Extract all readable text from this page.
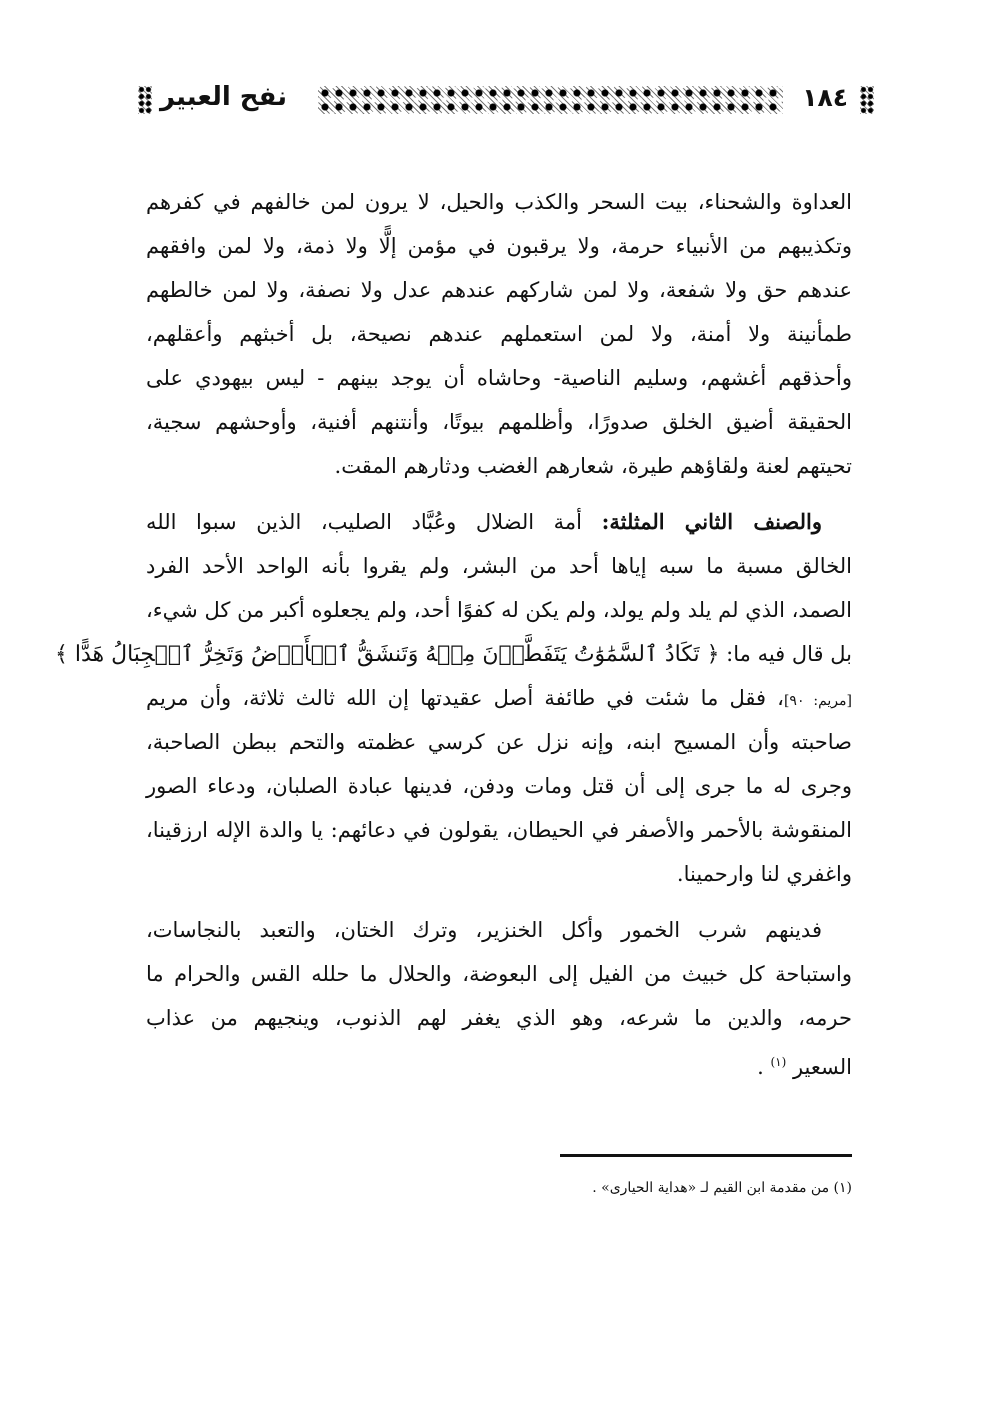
نفح العبير	١٨٤
العداوة والشحناء، بيت السحر والكذب والحيل، لا يرون لمن خالفهم في كفرهم
وتكذيبهم من الأنبياء حرمة، ولا يرقبون في مؤمن إلًّا ولا ذمة، ولا لمن وافقهم
عندهم حق ولا شفعة، ولا لمن شاركهم عندهم عدل ولا نصفة، ولا لمن خالطهم
طمأنينة ولا أمنة، ولا لمن استعملهم عندهم نصيحة، بل أخبثهم وأعقلهم،
وأحذقهم أغشهم، وسليم الناصية- وحاشاه أن يوجد بينهم - ليس بيهودي على
الحقيقة أضيق الخلق صدورًا، وأظلمهم بيوتًا، وأنتنهم أفنية، وأوحشهم سجية،
تحيتهم لعنة ولقاؤهم طيرة، شعارهم الغضب ودثارهم المقت.
والصنف الثاني المثلثة: أمة الضلال وعُبَّاد الصليب، الذين سبوا الله
الخالق مسبة ما سبه إياها أحد من البشر، ولم يقروا بأنه الواحد الأحد الفرد
الصمد، الذي لم يلد ولم يولد، ولم يكن له كفوًا أحد، ولم يجعلوه أكبر من كل شيء،
بل قال فيه ما: ﴿ تَكَادُ ٱلسَّمَٰوَٰتُ يَتَفَطَّرۡنَ مِنۡهُ وَتَنشَقُّ ٱلۡأَرۡضُ وَتَخِرُّ ٱلۡجِبَالُ هَدًّا ﴾
[مريم: ٩٠]، فقل ما شئت في طائفة أصل عقيدتها إن الله ثالث ثلاثة، وأن مريم
صاحبته وأن المسيح ابنه، وإنه نزل عن كرسي عظمته والتحم ببطن الصاحبة،
وجرى له ما جرى إلى أن قتل ومات ودفن، فدينها عبادة الصلبان، ودعاء الصور
المنقوشة بالأحمر والأصفر في الحيطان، يقولون في دعائهم: يا والدة الإله ارزقينا،
واغفري لنا وارحمينا.
فدينهم شرب الخمور وأكل الخنزير، وترك الختان، والتعبد بالنجاسات،
واستباحة كل خبيث من الفيل إلى البعوضة، والحلال ما حلله القس والحرام ما
حرمه، والدين ما شرعه، وهو الذي يغفر لهم الذنوب، وينجيهم من عذاب
السعير $^{(١)}$ .
(١) من مقدمة ابن القيم لـ «هداية الحيارى» .
